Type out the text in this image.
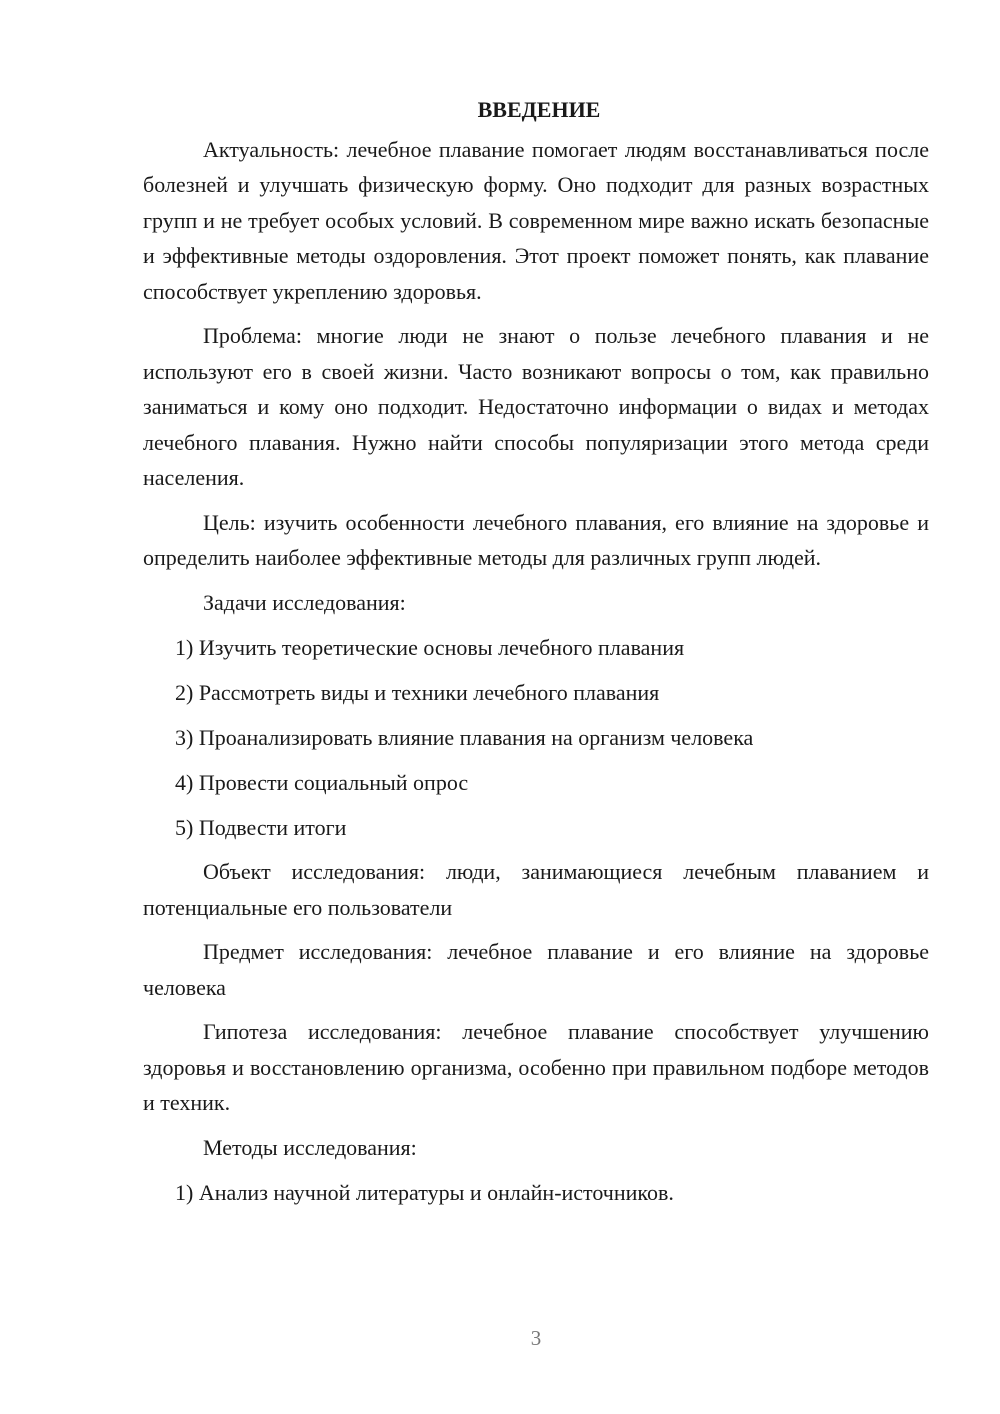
ВВЕДЕНИЕ

Актуальность: лечебное плавание помогает людям восстанавливаться после болезней и улучшать физическую форму. Оно подходит для разных возрастных групп и не требует особых условий. В современном мире важно искать безопасные и эффективные методы оздоровления. Этот проект поможет понять, как плавание способствует укреплению здоровья.

Проблема: многие люди не знают о пользе лечебного плавания и не используют его в своей жизни. Часто возникают вопросы о том, как правильно заниматься и кому оно подходит. Недостаточно информации о видах и методах лечебного плавания. Нужно найти способы популяризации этого метода среди населения.

Цель: изучить особенности лечебного плавания, его влияние на здоровье и определить наиболее эффективные методы для различных групп людей.

Задачи исследования:

1) Изучить теоретические основы лечебного плавания
2) Рассмотреть виды и техники лечебного плавания
3) Проанализировать влияние плавания на организм человека
4) Провести социальный опрос
5) Подвести итоги

Объект исследования: люди, занимающиеся лечебным плаванием и потенциальные его пользователи

Предмет исследования: лечебное плавание и его влияние на здоровье человека

Гипотеза исследования: лечебное плавание способствует улучшению здоровья и восстановлению организма, особенно при правильном подборе методов и техник.

Методы исследования:

1) Анализ научной литературы и онлайн-источников.
3
